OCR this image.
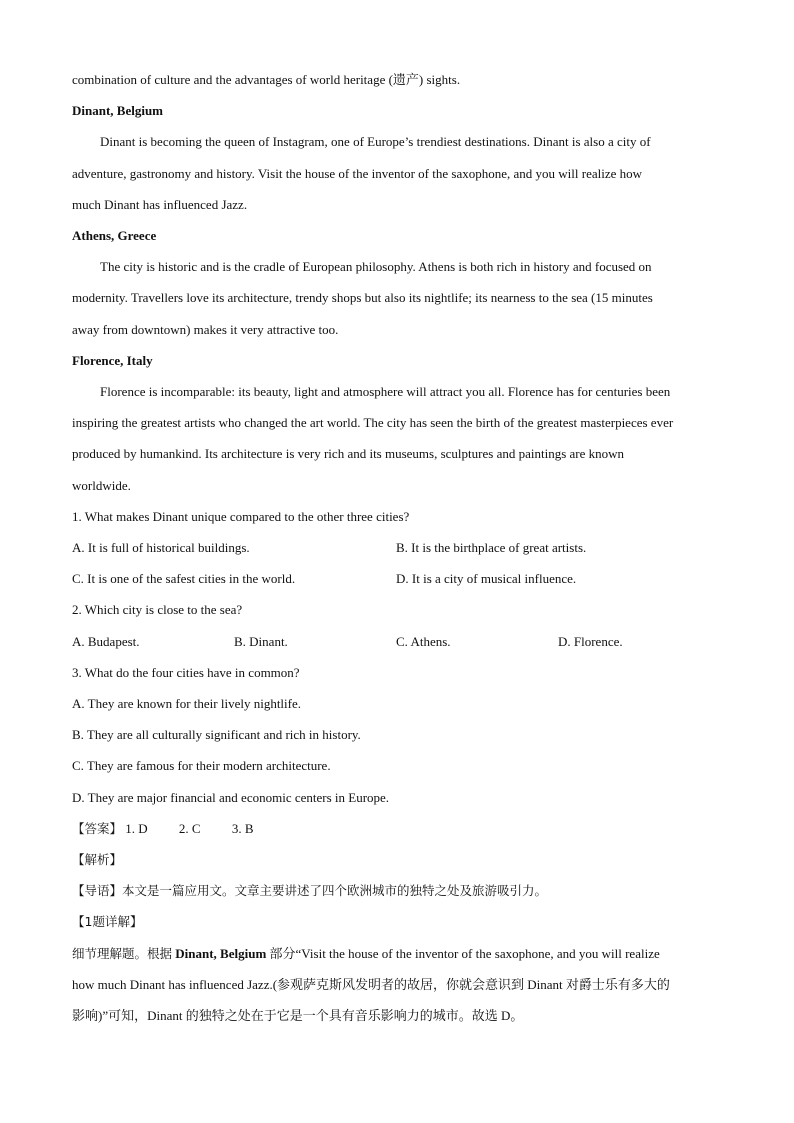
combination of culture and the advantages of world heritage (遗产) sights.
Dinant, Belgium
Dinant is becoming the queen of Instagram, one of Europe’s trendiest destinations. Dinant is also a city of
adventure, gastronomy and history. Visit the house of the inventor of the saxophone, and you will realize how
much Dinant has influenced Jazz.
Athens, Greece
The city is historic and is the cradle of European philosophy. Athens is both rich in history and focused on
modernity. Travellers love its architecture, trendy shops but also its nightlife; its nearness to the sea (15 minutes
away from downtown) makes it very attractive too.
Florence, Italy
Florence is incomparable: its beauty, light and atmosphere will attract you all. Florence has for centuries been
inspiring the greatest artists who changed the art world. The city has seen the birth of the greatest masterpieces ever
produced by humankind. Its architecture is very rich and its museums, sculptures and paintings are known
worldwide.
1. What makes Dinant unique compared to the other three cities?
A. It is full of historical buildings.	B. It is the birthplace of great artists.
C. It is one of the safest cities in the world.	D. It is a city of musical influence.
2. Which city is close to the sea?
A. Budapest.	B. Dinant.	C. Athens.	D. Florence.
3. What do the four cities have in common?
A. They are known for their lively nightlife.
B. They are all culturally significant and rich in history.
C. They are famous for their modern architecture.
D. They are major financial and economic centers in Europe.
【答案】 1. D 2. C 3. B
【解析】
【导语】本文是一篇应用文。文章主要讲述了四个欧洲城市的独特之处及旅游吸引力。
【1题详解】
细节理解题。根据 Dinant, Belgium 部分“Visit the house of the inventor of the saxophone, and you will realize
how much Dinant has influenced Jazz.(参观萨克斯风发明者的故居，你就会意识到 Dinant 对爵士乐有多大的
影响)”可知，Dinant 的独特之处在于它是一个具有音乐影响力的城市。故选 D。
